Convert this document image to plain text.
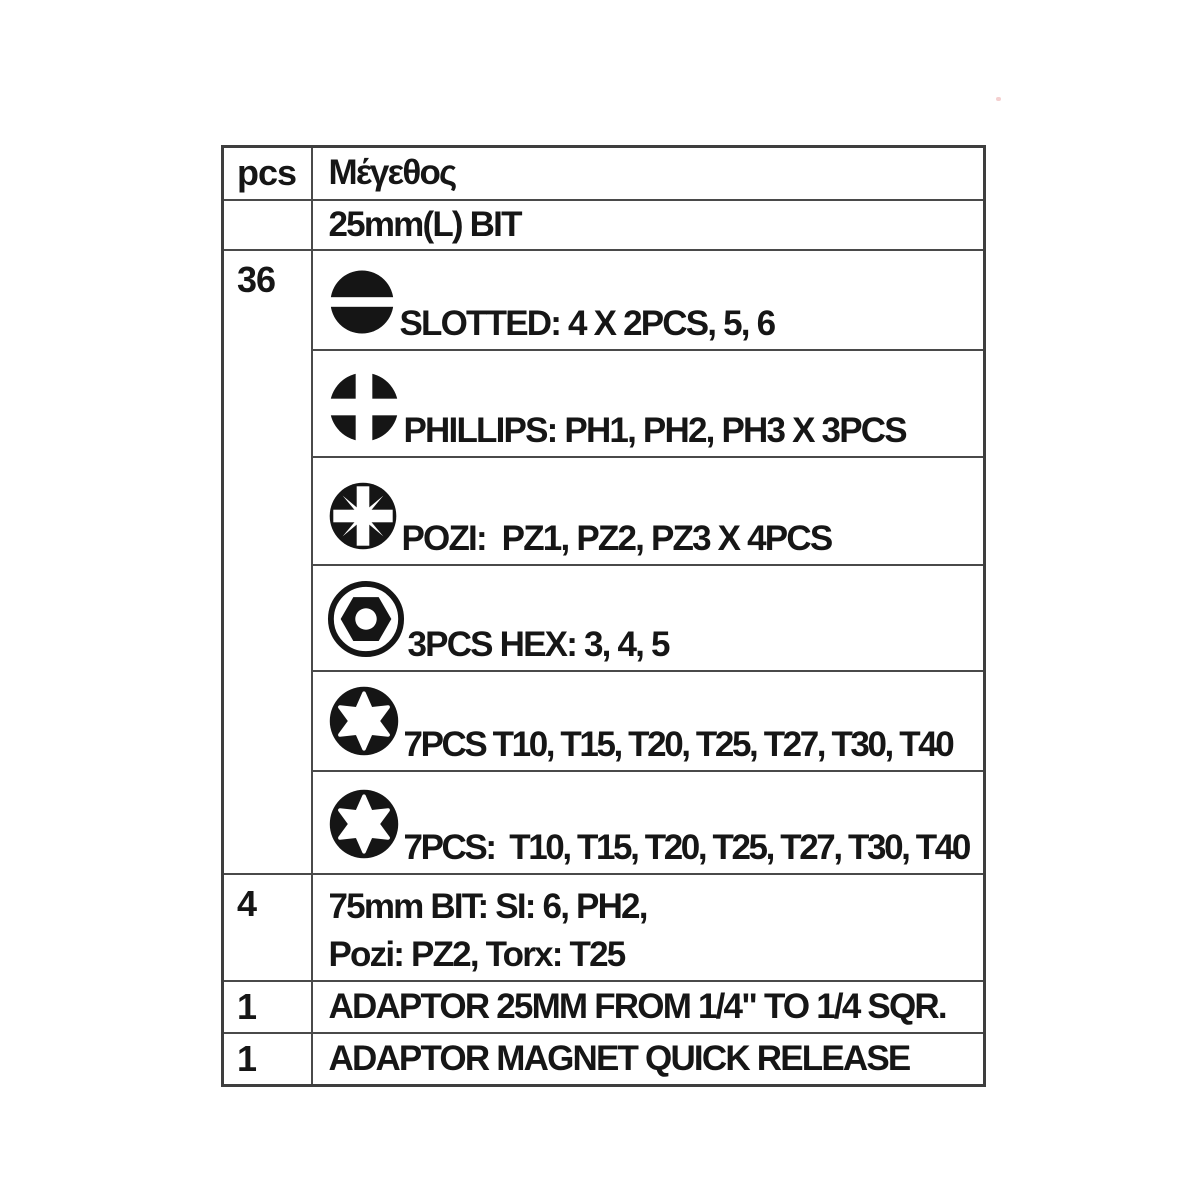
pcs	Μέγεθος
	25mm(L) BIT
36	SLOTTED: 4 X 2PCS, 5, 6

	PHILLIPS: PH1, PH2, PH3 X 3PCS

	POZI:  PZ1, PZ2, PZ3 X 4PCS

	3PCS HEX: 3, 4, 5

	7PCS T10, T15, T20, T25, T27, T30, T40

	7PCS:  T10, T15, T20, T25, T27, T30, T40

4	75mm BIT: SI: 6, PH2,
Pozi: PZ2, Torx: T25

1	ADAPTOR 25MM FROM 1/4" TO 1/4 SQR.
1	ADAPTOR MAGNET QUICK RELEASE
